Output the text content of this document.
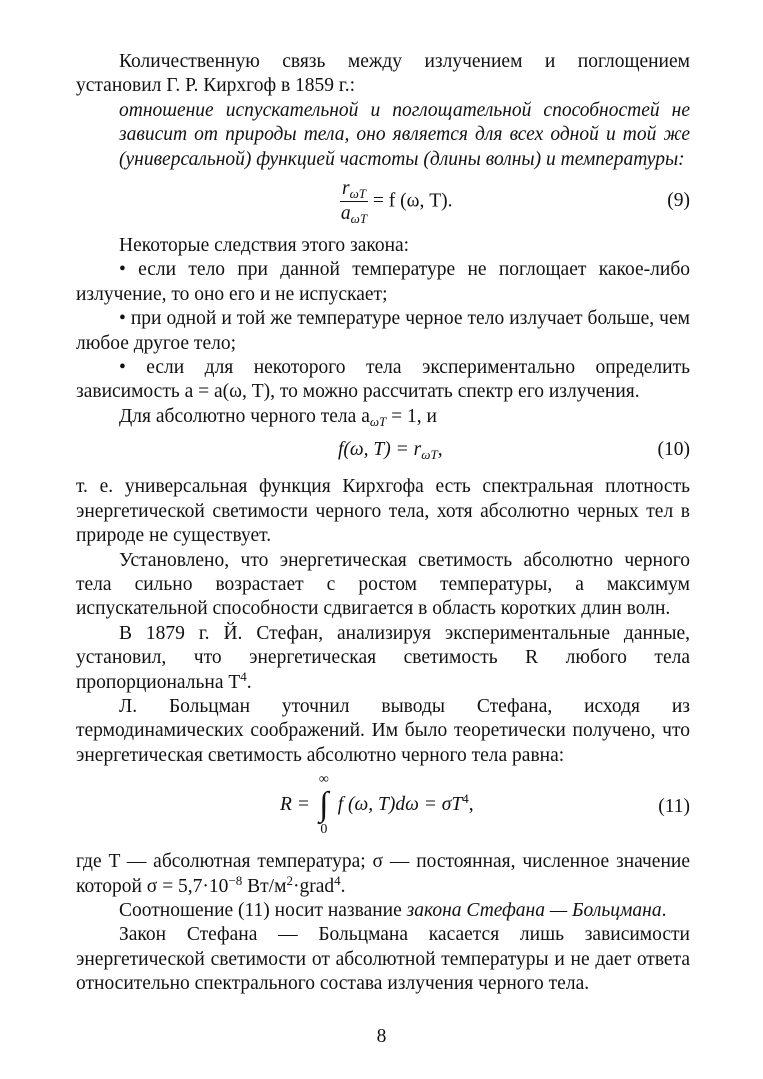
Количественную связь между излучением и поглощением установил Г. Р. Кирхгоф в 1859 г.:

отношение испускательной и поглощательной способностей не зависит от природы тела, оно является для всех одной и той же (универсальной) функцией частоты (длины волны) и температуры:

$\frac{r_{\omega T}}{a_{\omega T}} = f$ (ω, T).	(9)

Некоторые следствия этого закона:

• если тело при данной температуре не поглощает какое-либо излучение, то оно его и не испускает;

• при одной и той же температуре черное тело излучает больше, чем любое другое тело;

• если для некоторого тела экспериментально определить зависимость a = a(ω, T), то можно рассчитать спектр его излучения.

Для абсолютно черного тела $a_{\omega T} = 1$, и

f(ω, $T) = r_{\omega T}$,	(10)

т. е. универсальная функция Кирхгофа есть спектральная плотность энергетической светимости черного тела, хотя абсолютно черных тел в природе не существует.

Установлено, что энергетическая светимость абсолютно черного тела сильно возрастает с ростом температуры, а максимум испускательной способности сдвигается в область коротких длин волн.

В 1879 г. Й. Стефан, анализируя экспериментальные данные, установил, что энергетическая светимость R любого тела пропорциональна $T^4$.

Л. Больцман уточнил выводы Стефана, исходя из термодинамических соображений. Им было теоретически получено, что энергетическая светимость абсолютно черного тела равна:

R =
∞
∫
0
f (ω, $T)d\omega = \sigma T^4$,	(11)

где T — абсолютная температура; σ — постоянная, численное значение которой $\sigma = 5,7\cdot 10^{-8}$ $Вт/м^2\cdot grad^4$.

Соотношение (11) носит название закона Стефана — Больцмана.

Закон Стефана — Больцмана касается лишь зависимости энергетической светимости от абсолютной температуры и не дает ответа относительно спектрального состава излучения черного тела.

8
